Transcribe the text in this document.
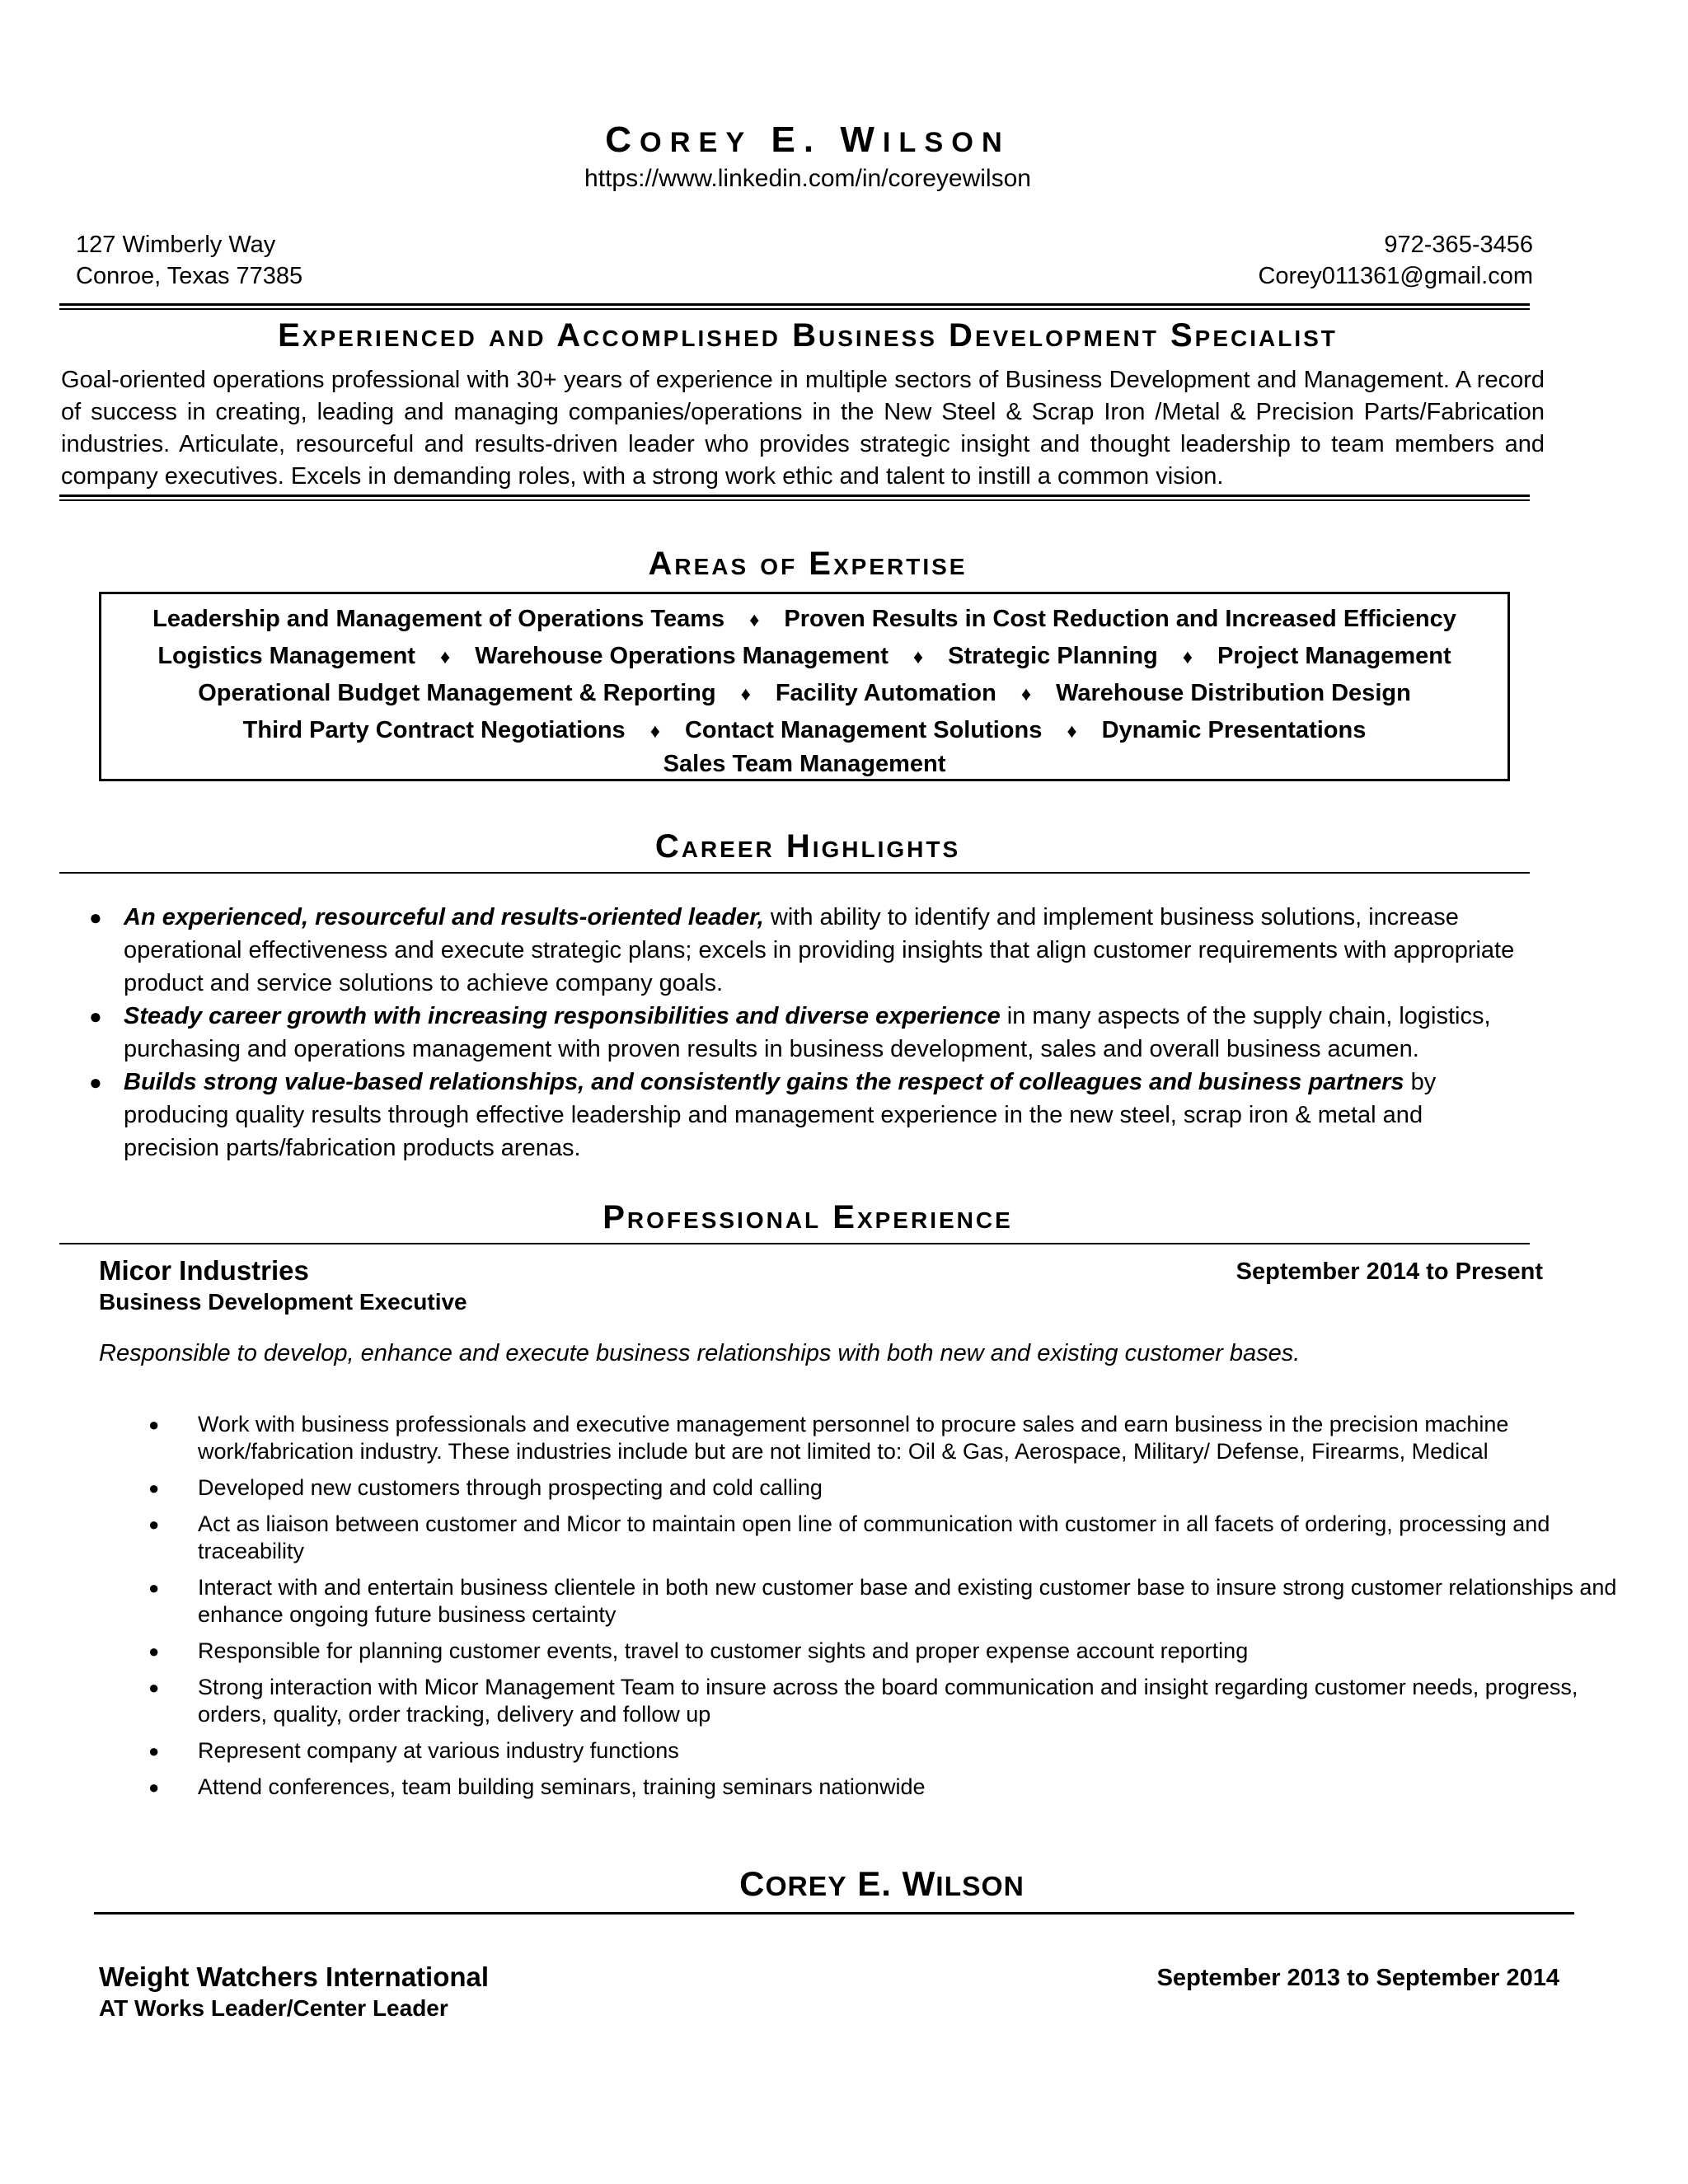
COREY E. WILSON
https://www.linkedin.com/in/coreyewilson
127 Wimberly Way
Conroe, Texas 77385
972-365-3456
Corey011361@gmail.com
Experienced and Accomplished Business Development Specialist
Goal-oriented operations professional with 30+ years of experience in multiple sectors of Business Development and Management. A record of success in creating, leading and managing companies/operations in the New Steel & Scrap Iron /Metal & Precision Parts/Fabrication industries. Articulate, resourceful and results-driven leader who provides strategic insight and thought leadership to team members and company executives. Excels in demanding roles, with a strong work ethic and talent to instill a common vision.
Areas of Expertise
Leadership and Management of Operations Teams ♦ Proven Results in Cost Reduction and Increased Efficiency
Logistics Management ♦ Warehouse Operations Management ♦ Strategic Planning ♦ Project Management
Operational Budget Management & Reporting ♦ Facility Automation ♦ Warehouse Distribution Design
Third Party Contract Negotiations ♦ Contact Management Solutions ♦ Dynamic Presentations
Sales Team Management
Career Highlights
● An experienced, resourceful and results-oriented leader, with ability to identify and implement business solutions, increase operational effectiveness and execute strategic plans; excels in providing insights that align customer requirements with appropriate product and service solutions to achieve company goals.
● Steady career growth with increasing responsibilities and diverse experience in many aspects of the supply chain, logistics, purchasing and operations management with proven results in business development, sales and overall business acumen.
● Builds strong value-based relationships, and consistently gains the respect of colleagues and business partners by producing quality results through effective leadership and management experience in the new steel, scrap iron & metal and precision parts/fabrication products arenas.
Professional Experience
Micor Industries	September 2014 to Present
Business Development Executive
Responsible to develop, enhance and execute business relationships with both new and existing customer bases.
● Work with business professionals and executive management personnel to procure sales and earn business in the precision machine work/fabrication industry. These industries include but are not limited to: Oil & Gas, Aerospace, Military/ Defense, Firearms, Medical
● Developed new customers through prospecting and cold calling
● Act as liaison between customer and Micor to maintain open line of communication with customer in all facets of ordering, processing and traceability
● Interact with and entertain business clientele in both new customer base and existing customer base to insure strong customer relationships and enhance ongoing future business certainty
● Responsible for planning customer events, travel to customer sights and proper expense account reporting
● Strong interaction with Micor Management Team to insure across the board communication and insight regarding customer needs, progress, orders, quality, order tracking, delivery and follow up
● Represent company at various industry functions
● Attend conferences, team building seminars, training seminars nationwide
COREY E. WILSON
Weight Watchers International	September 2013 to September 2014
AT Works Leader/Center Leader
